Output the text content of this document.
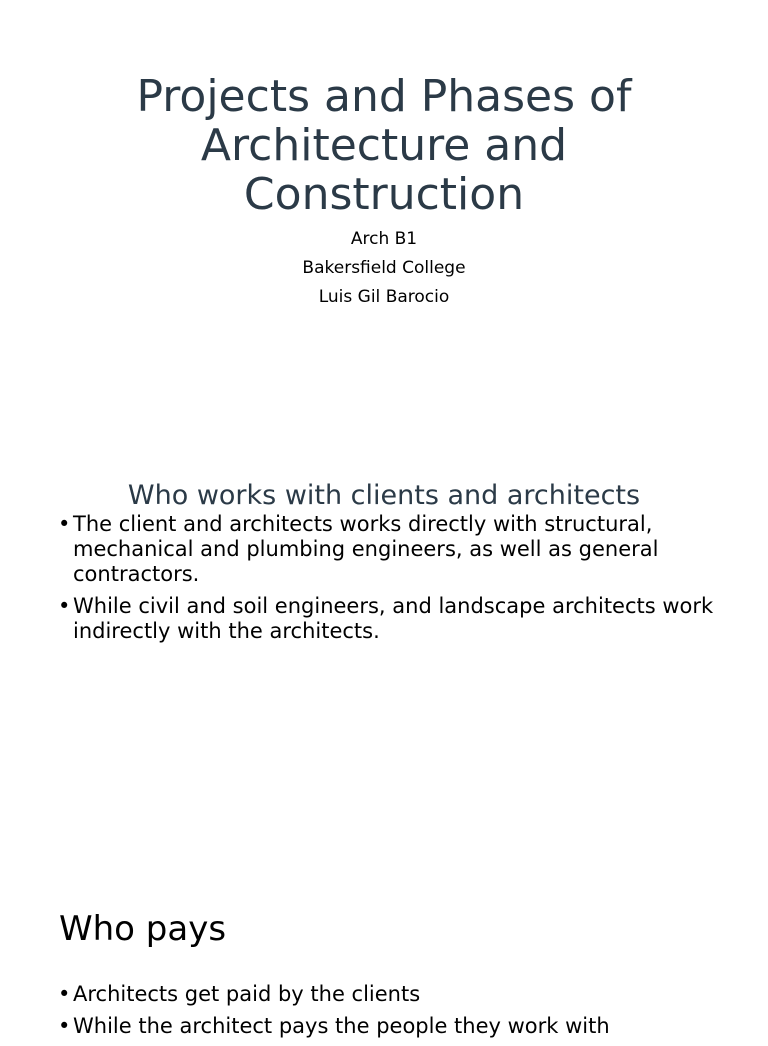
Projects and Phases of
Architecture and
Construction

Arch B1

Bakersfield College

Luis Gil Barocio

Who works with clients and architects
• The client and architects works directly with structural, mechanical and plumbing engineers, as well as general contractors.
• While civil and soil engineers, and landscape architects work indirectly with the architects.
Who pays
• Architects get paid by the clients
• While the architect pays the people they work with
